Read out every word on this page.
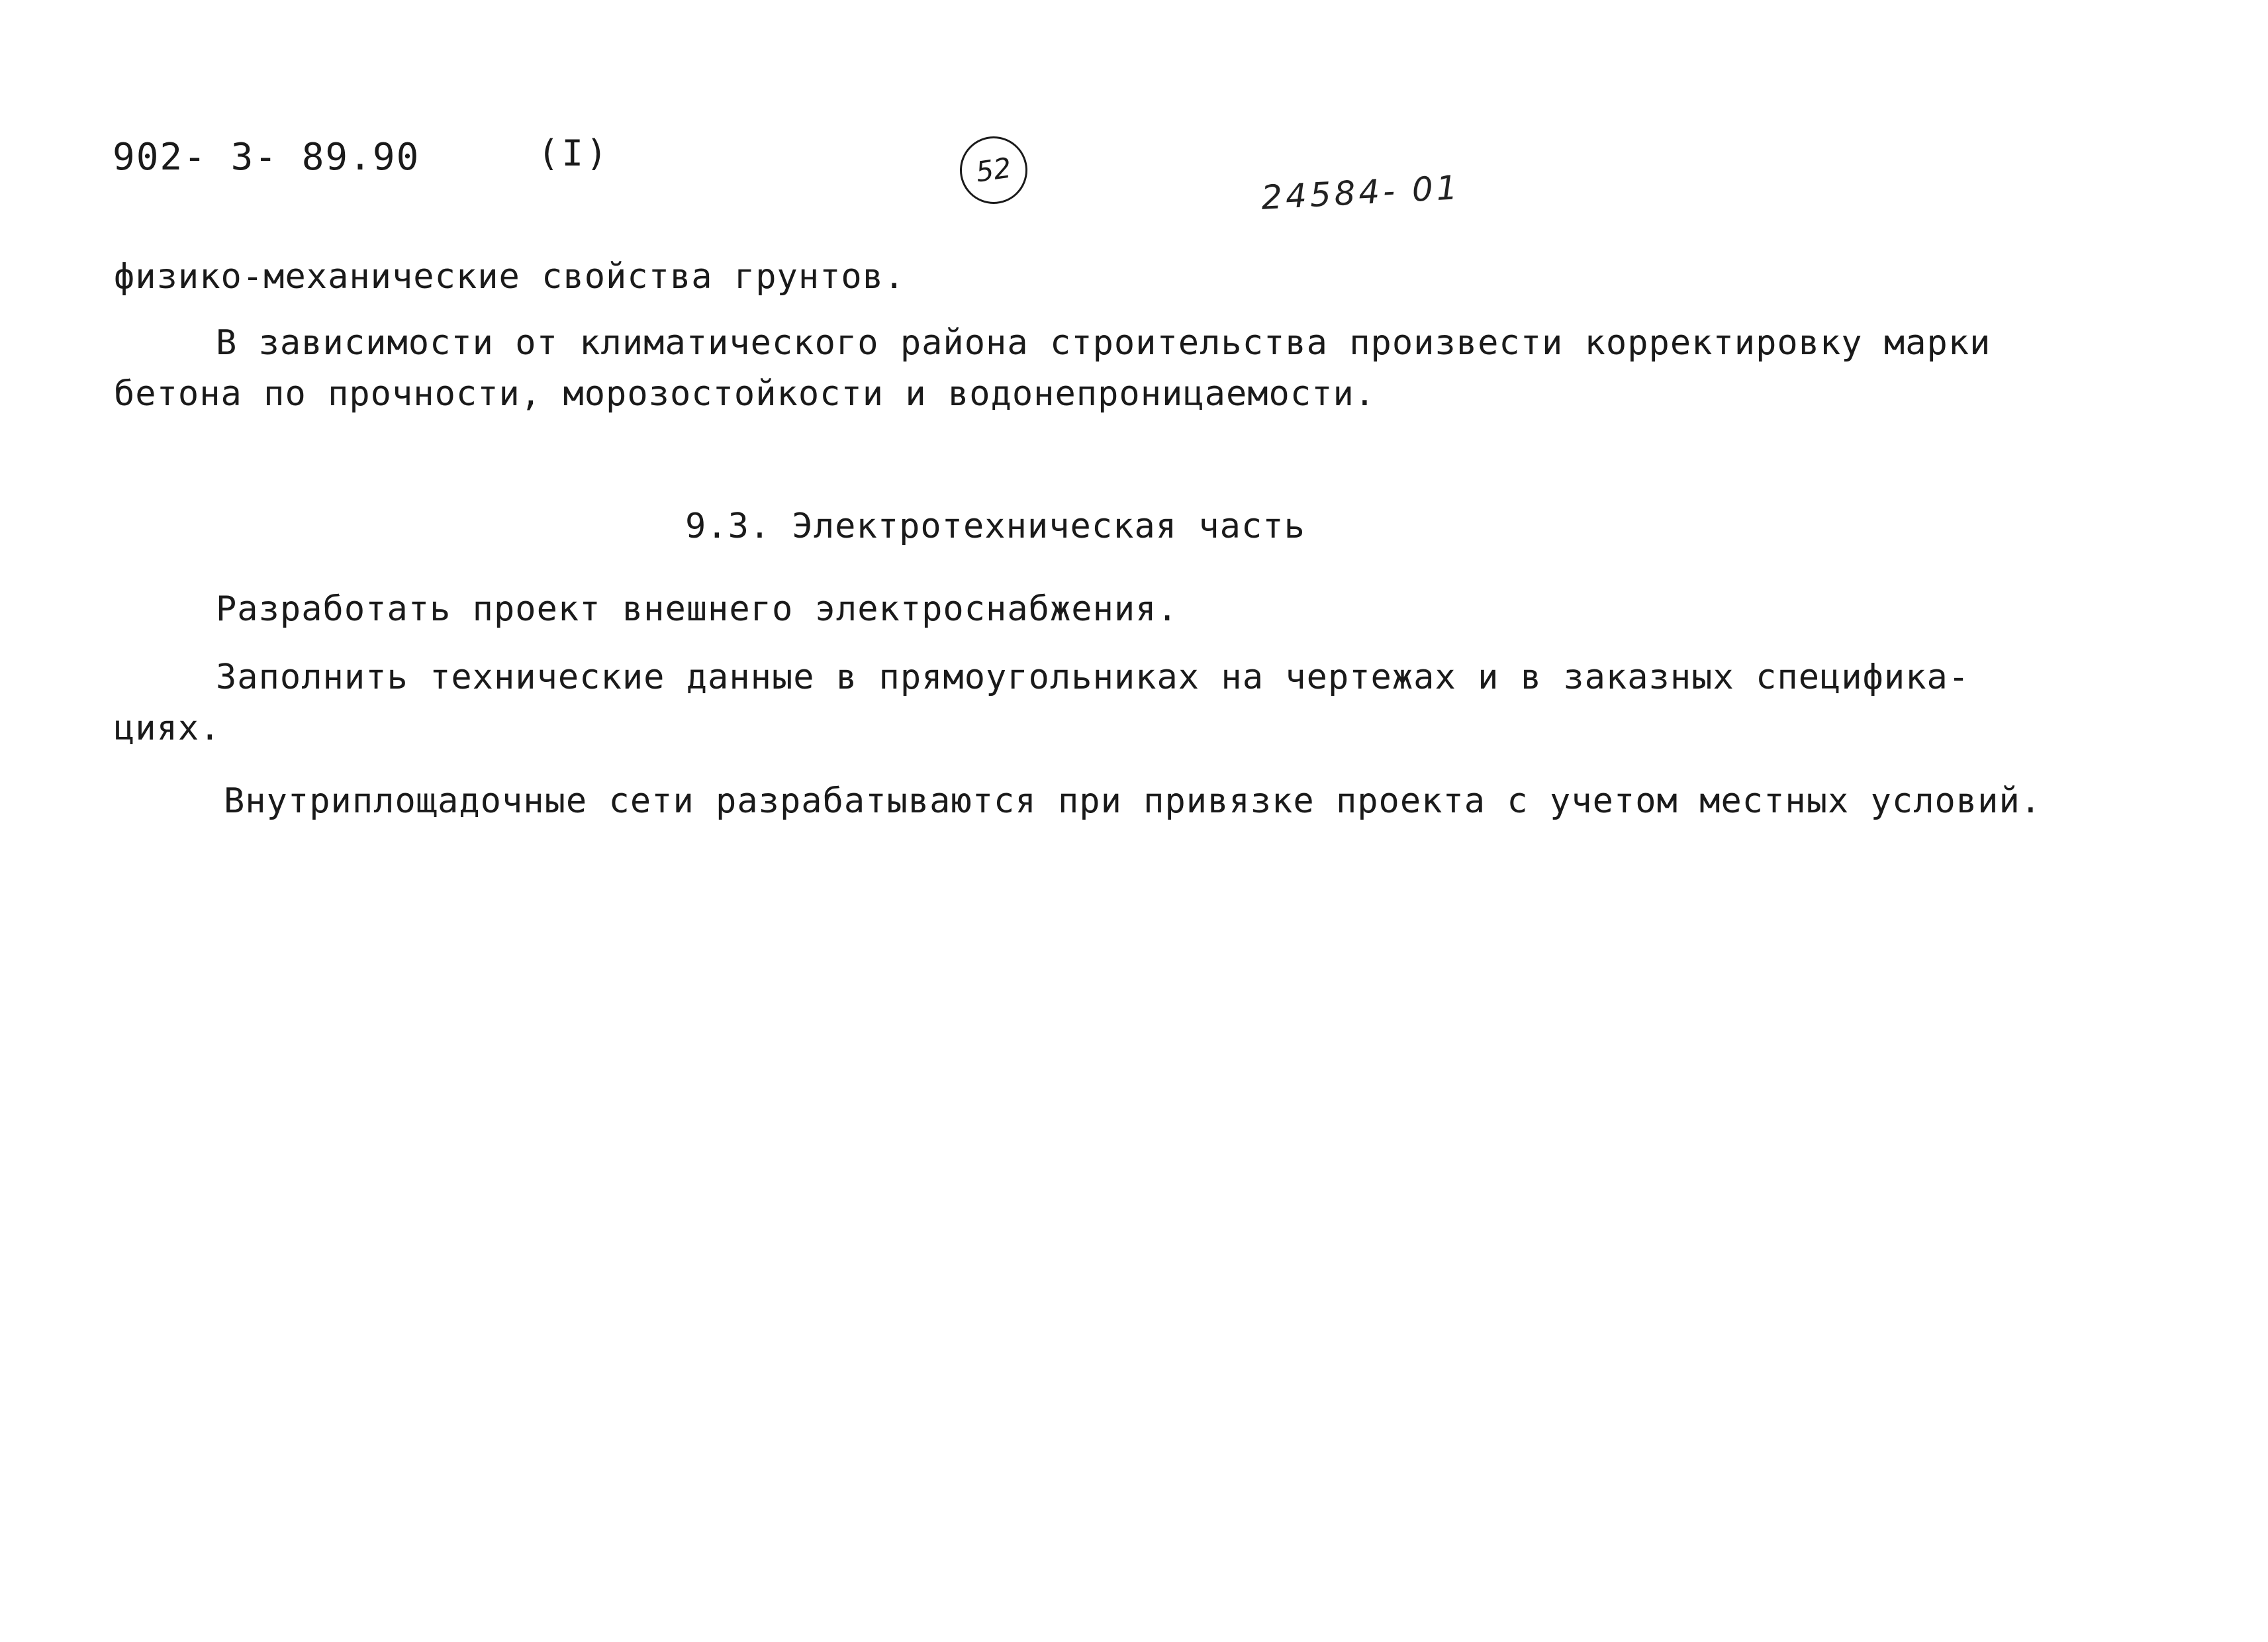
902- 3- 89.90	(I)	52	24584- 01
физико-механические свойства грунтов.
В зависимости от климатического района строительства произвести корректировку марки
бетона по прочности, морозостойкости и водонепроницаемости.
9.3. Электротехническая часть
Разработать проект внешнего электроснабжения.
Заполнить технические данные в прямоугольниках на чертежах и в заказных специфика-
циях.
Внутриплощадочные сети разрабатываются при привязке проекта с учетом местных условий.
